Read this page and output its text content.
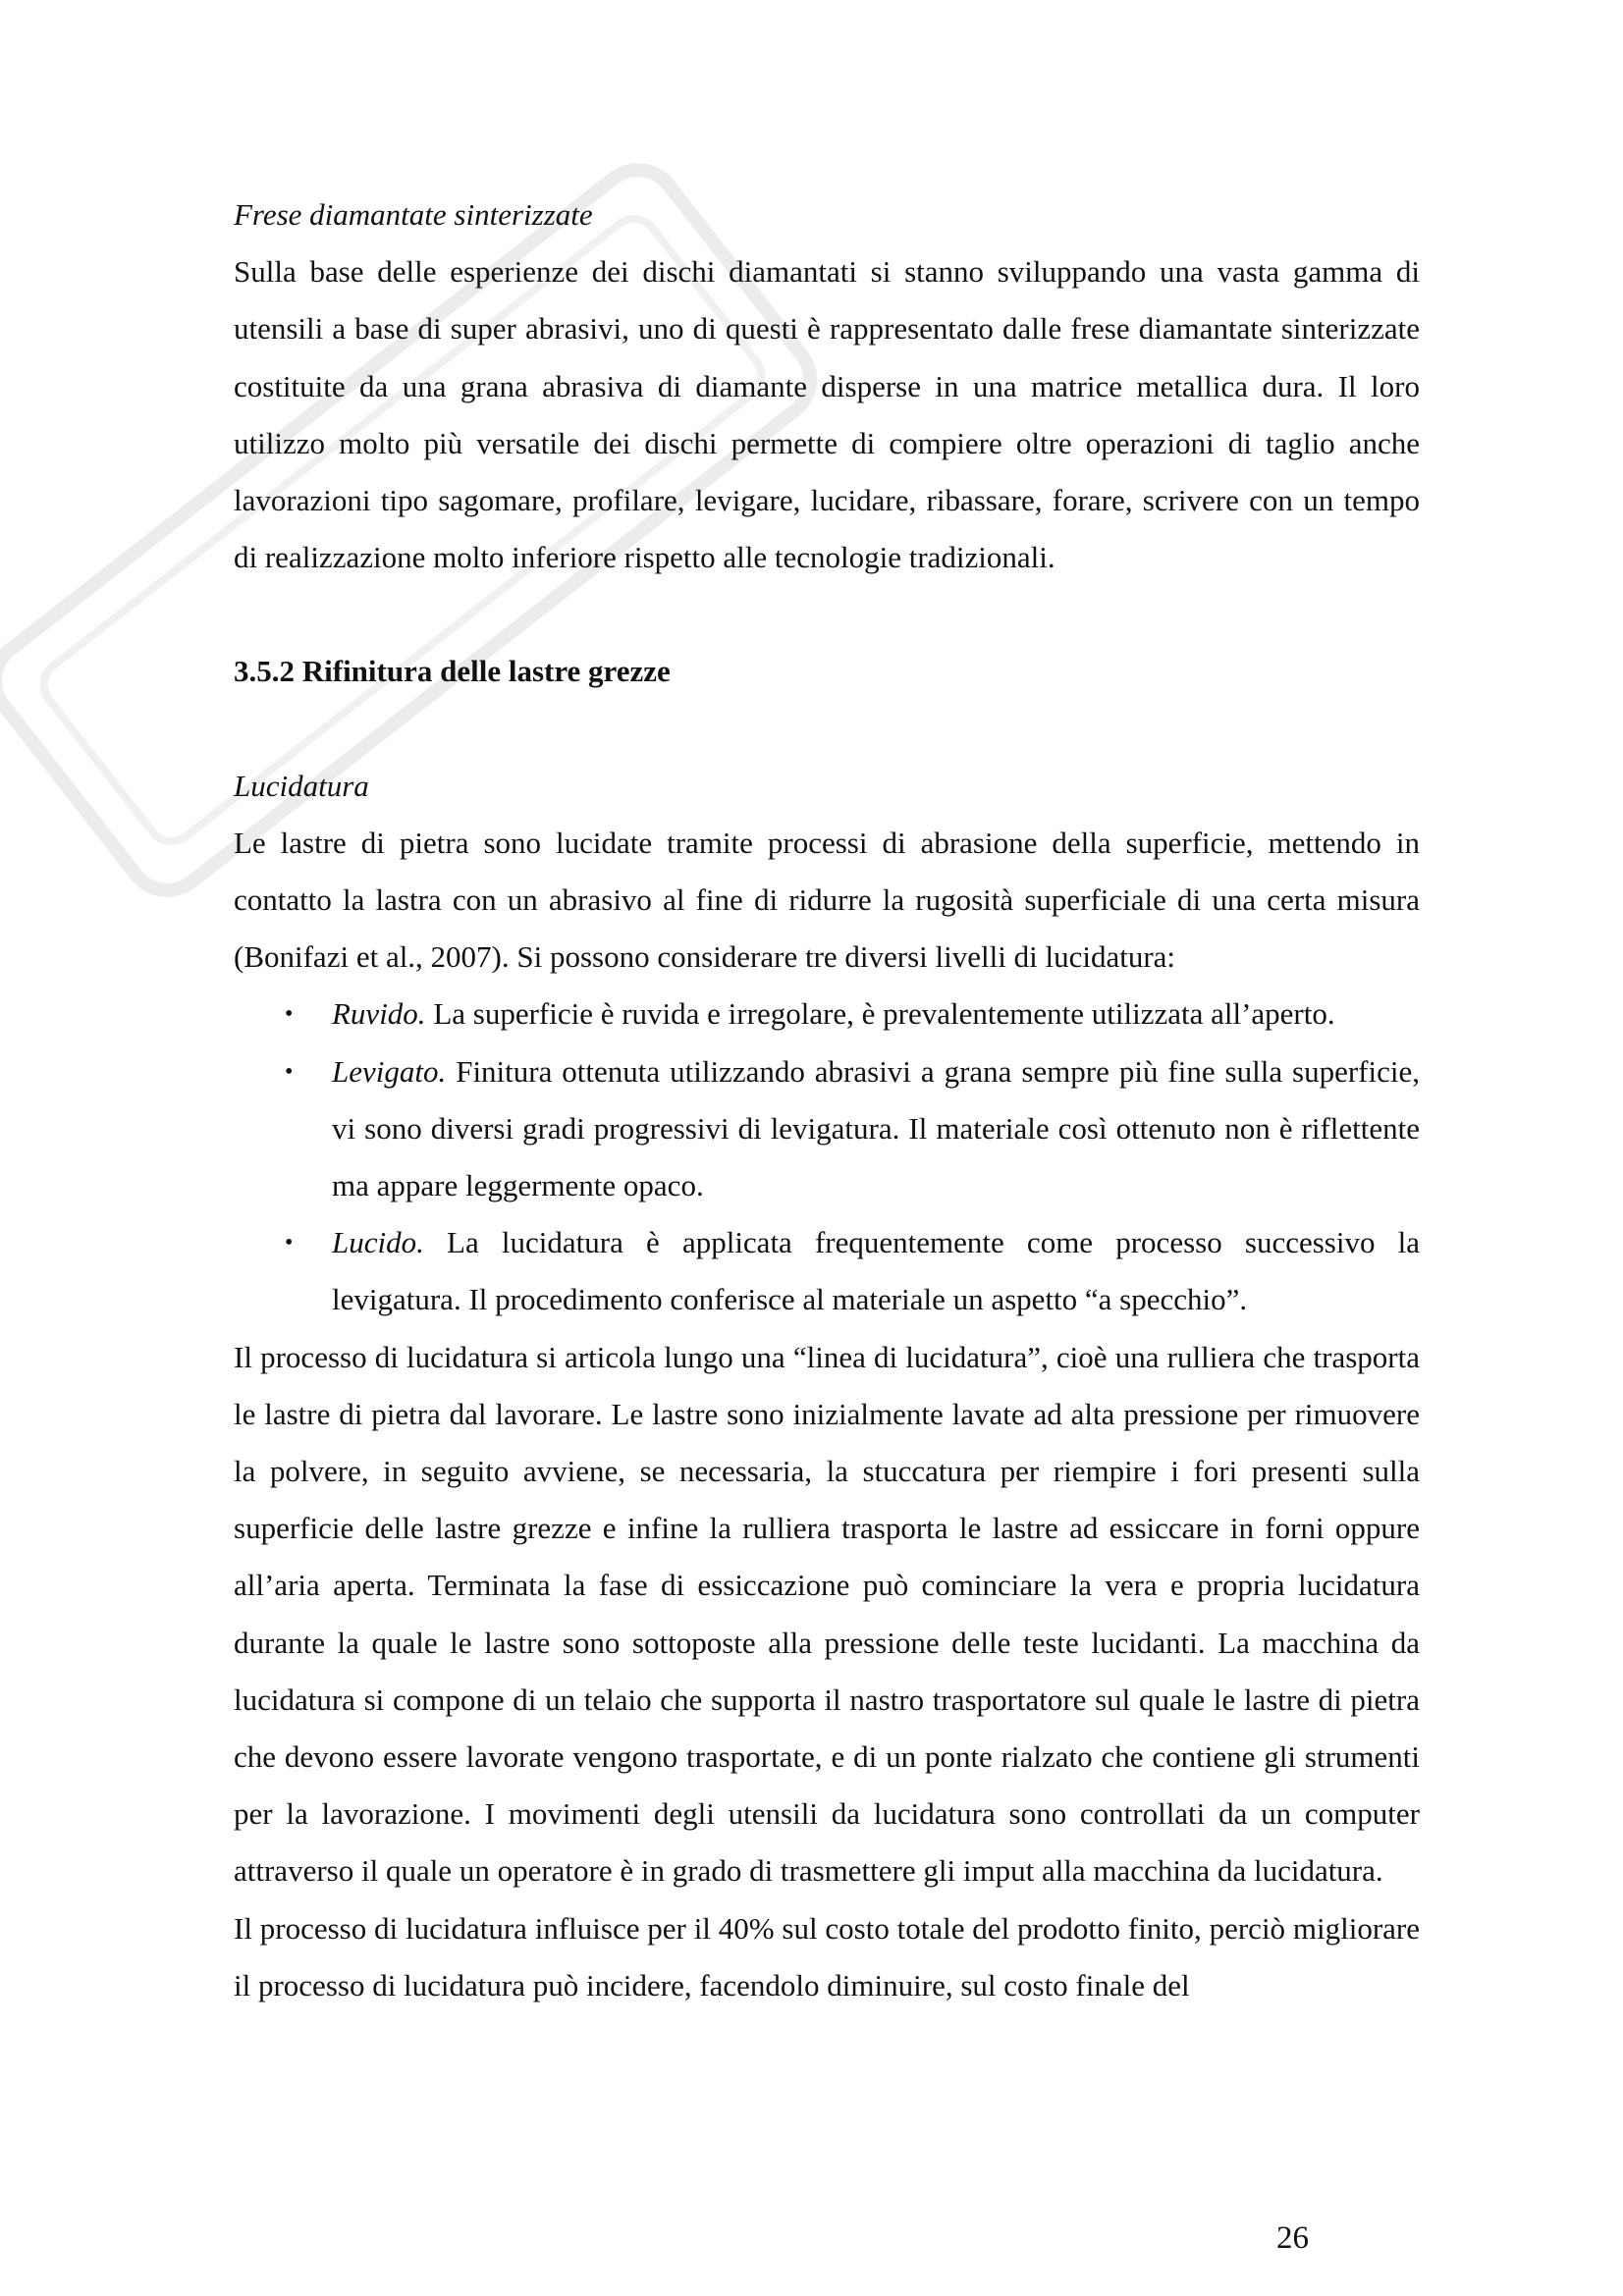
Frese diamantate sinterizzate

Sulla base delle esperienze dei dischi diamantati si stanno sviluppando una vasta gamma di utensili a base di super abrasivi, uno di questi è rappresentato dalle frese diamantate sinterizzate costituite da una grana abrasiva di diamante disperse in una matrice metallica dura. Il loro utilizzo molto più versatile dei dischi permette di compiere oltre operazioni di taglio anche lavorazioni tipo sagomare, profilare, levigare, lucidare, ribassare, forare, scrivere con un tempo di realizzazione molto inferiore rispetto alle tecnologie tradizionali.

3.5.2 Rifinitura delle lastre grezze
Lucidatura

Le lastre di pietra sono lucidate tramite processi di abrasione della superficie, mettendo in contatto la lastra con un abrasivo al fine di ridurre la rugosità superficiale di una certa misura (Bonifazi et al., 2007). Si possono considerare tre diversi livelli di lucidatura:

• Ruvido. La superficie è ruvida e irregolare, è prevalentemente utilizzata all’aperto.
• Levigato. Finitura ottenuta utilizzando abrasivi a grana sempre più fine sulla superficie, vi sono diversi gradi progressivi di levigatura. Il materiale così ottenuto non è riflettente ma appare leggermente opaco.
• Lucido. La lucidatura è applicata frequentemente come processo successivo la levigatura. Il procedimento conferisce al materiale un aspetto “a specchio”.

Il processo di lucidatura si articola lungo una “linea di lucidatura”, cioè una rulliera che trasporta le lastre di pietra dal lavorare. Le lastre sono inizialmente lavate ad alta pressione per rimuovere la polvere, in seguito avviene, se necessaria, la stuccatura per riempire i fori presenti sulla superficie delle lastre grezze e infine la rulliera trasporta le lastre ad essiccare in forni oppure all’aria aperta. Terminata la fase di essiccazione può cominciare la vera e propria lucidatura durante la quale le lastre sono sottoposte alla pressione delle teste lucidanti. La macchina da lucidatura si compone di un telaio che supporta il nastro trasportatore sul quale le lastre di pietra che devono essere lavorate vengono trasportate, e di un ponte rialzato che contiene gli strumenti per la lavorazione. I movimenti degli utensili da lucidatura sono controllati da un computer attraverso il quale un operatore è in grado di trasmettere gli imput alla macchina da lucidatura.

Il processo di lucidatura influisce per il 40% sul costo totale del prodotto finito, perciò migliorare il processo di lucidatura può incidere, facendolo diminuire, sul costo finale del

26
